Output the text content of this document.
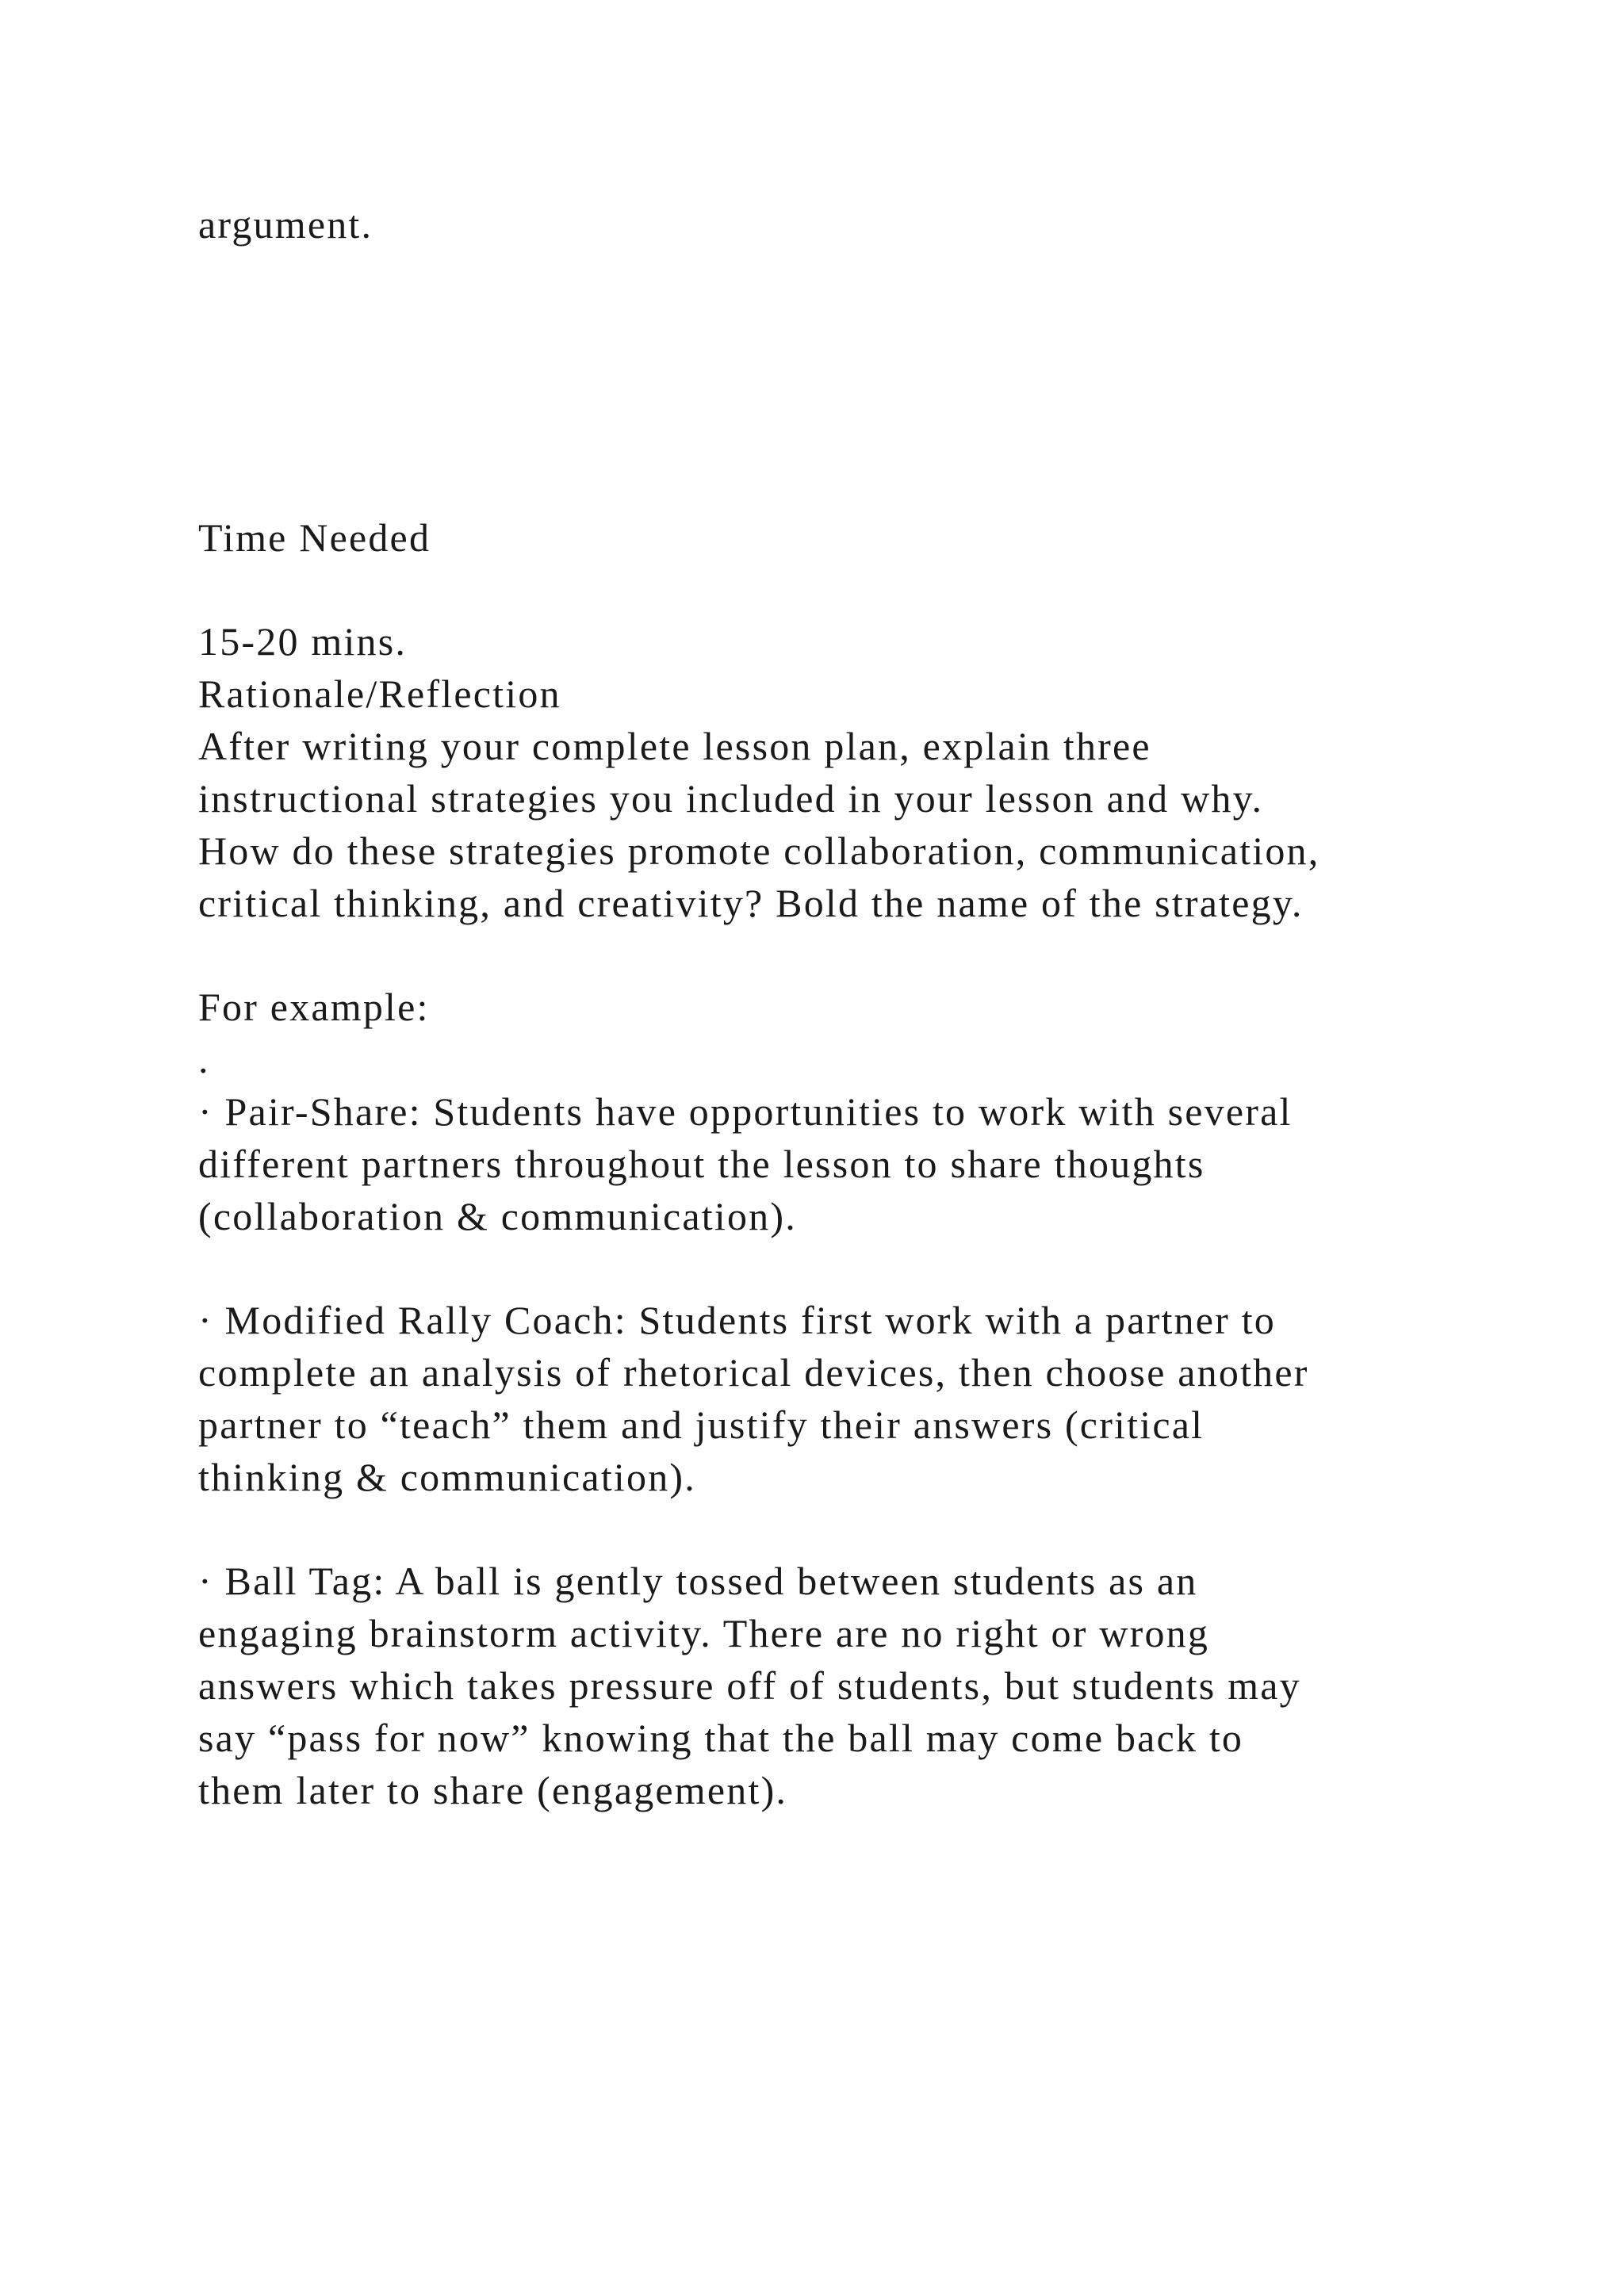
argument.
Time Needed
15-20 mins.
Rationale/Reflection
After writing your complete lesson plan, explain three
instructional strategies you included in your lesson and why.
How do these strategies promote collaboration, communication,
critical thinking, and creativity? Bold the name of the strategy.
For example:
.
· Pair-Share: Students have opportunities to work with several
different partners throughout the lesson to share thoughts
(collaboration & communication).
· Modified Rally Coach: Students first work with a partner to
complete an analysis of rhetorical devices, then choose another
partner to “teach” them and justify their answers (critical
thinking & communication).
· Ball Tag: A ball is gently tossed between students as an
engaging brainstorm activity. There are no right or wrong
answers which takes pressure off of students, but students may
say “pass for now” knowing that the ball may come back to
them later to share (engagement).
